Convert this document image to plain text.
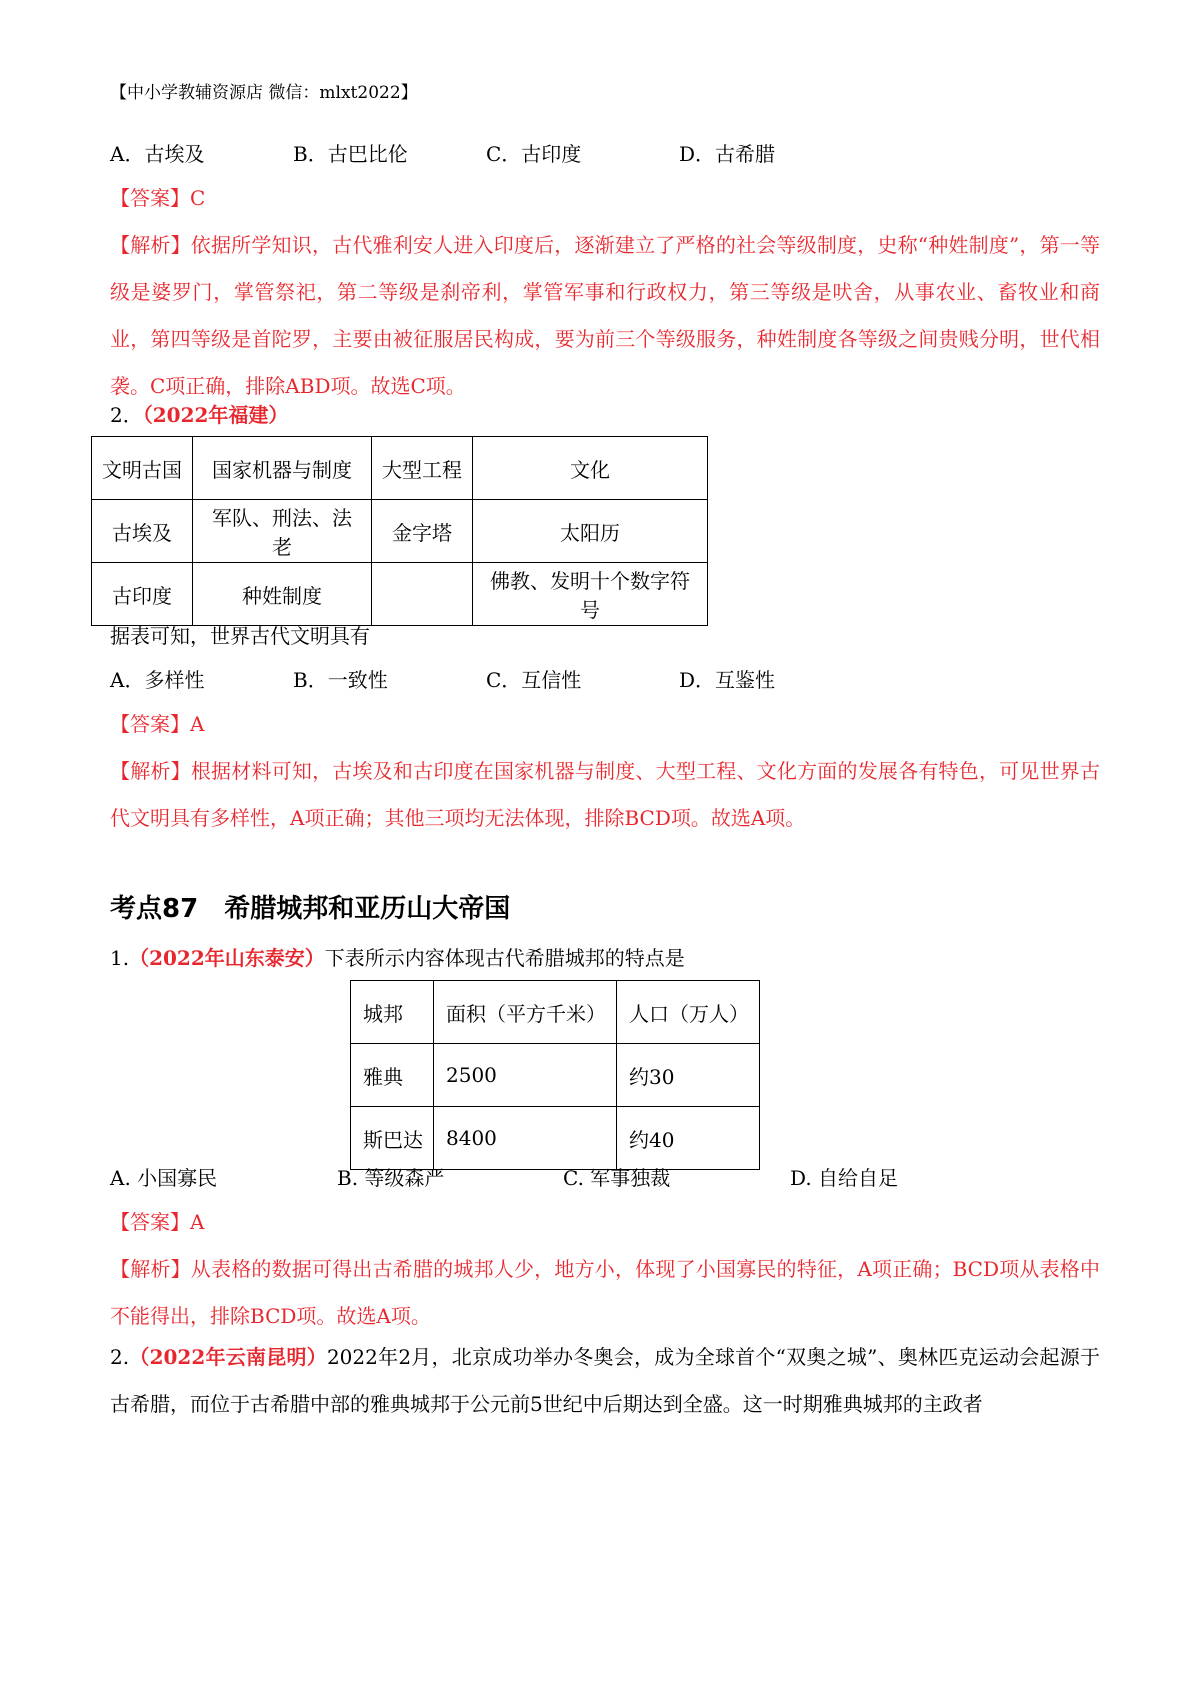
【中小学教辅资源店 微信：mlxt2022】
A．古埃及	B．古巴比伦	C．古印度	D．古希腊
【答案】C
【解析】依据所学知识，古代雅利安人进入印度后，逐渐建立了严格的社会等级制度，史称“种姓制度”，第一等级是婆罗门，掌管祭祀，第二等级是刹帝利，掌管军事和行政权力，第三等级是吠舍，从事农业、畜牧业和商业，第四等级是首陀罗，主要由被征服居民构成，要为前三个等级服务，种姓制度各等级之间贵贱分明，世代相袭。C项正确，排除ABD项。故选C项。
2．（2022年福建）
文明古国	国家机器与制度	大型工程	文化
古埃及	军队、刑法、法老	金字塔	太阳历
古印度	种姓制度		佛教、发明十个数字符号
据表可知，世界古代文明具有
A．多样性	B．一致性	C．互信性	D．互鉴性
【答案】A
【解析】根据材料可知，古埃及和古印度在国家机器与制度、大型工程、文化方面的发展各有特色，可见世界古代文明具有多样性，A项正确；其他三项均无法体现，排除BCD项。故选A项。
考点87 希腊城邦和亚历山大帝国
1.（2022年山东泰安）下表所示内容体现古代希腊城邦的特点是
城邦	面积（平方千米）	人口（万人）
雅典	2500	约30
斯巴达	8400	约40
A. 小国寡民	B. 等级森严	C. 军事独裁	D. 自给自足
【答案】A
【解析】从表格的数据可得出古希腊的城邦人少，地方小，体现了小国寡民的特征，A项正确；BCD项从表格中不能得出，排除BCD项。故选A项。
2.（2022年云南昆明）2022年2月，北京成功举办冬奥会，成为全球首个“双奥之城”、奥林匹克运动会起源于古希腊，而位于古希腊中部的雅典城邦于公元前5世纪中后期达到全盛。这一时期雅典城邦的主政者
